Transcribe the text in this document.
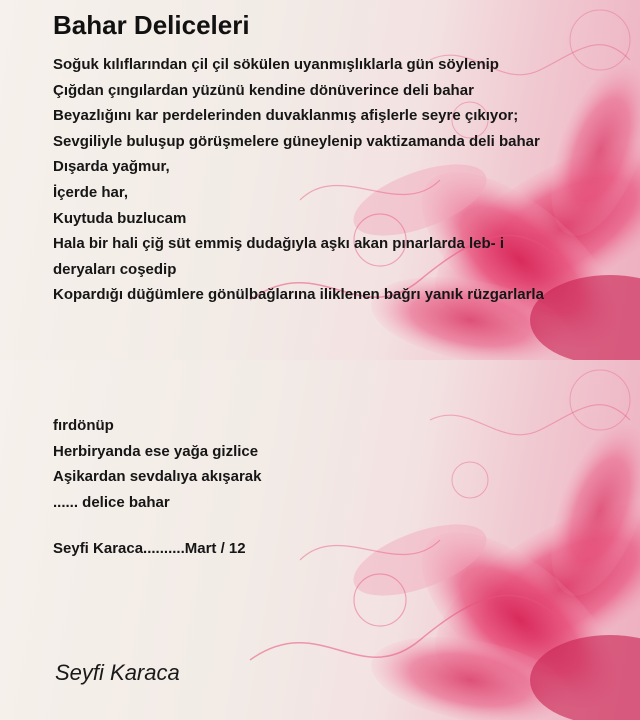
Bahar Deliceleri
Soğuk kılıflarından çil çil sökülen uyanmışlıklarla gün söylenip
Çığdan çıngılardan yüzünü kendine dönüverince deli bahar
Beyazlığını kar perdelerinden duvaklanmış afişlerle seyre çıkıyor;
Sevgiliyle buluşup görüşmelere güneylenip vaktizamanda deli bahar
Dışarda yağmur,
İçerde har,
Kuytuda buzlucam
Hala bir hali çiğ süt emmiş dudağıyla aşkı akan pınarlarda leb- i
deryaları coşedip
Kopardığı düğümlere gönülbağlarına iliklenen bağrı yanık rüzgarlarla
fırdönüp
Herbiryanda ese yağa gizlice
Aşikardan sevdalıya akışarak
...... delice bahar

Seyfi Karaca..........Mart / 12

Seyfi Karaca
